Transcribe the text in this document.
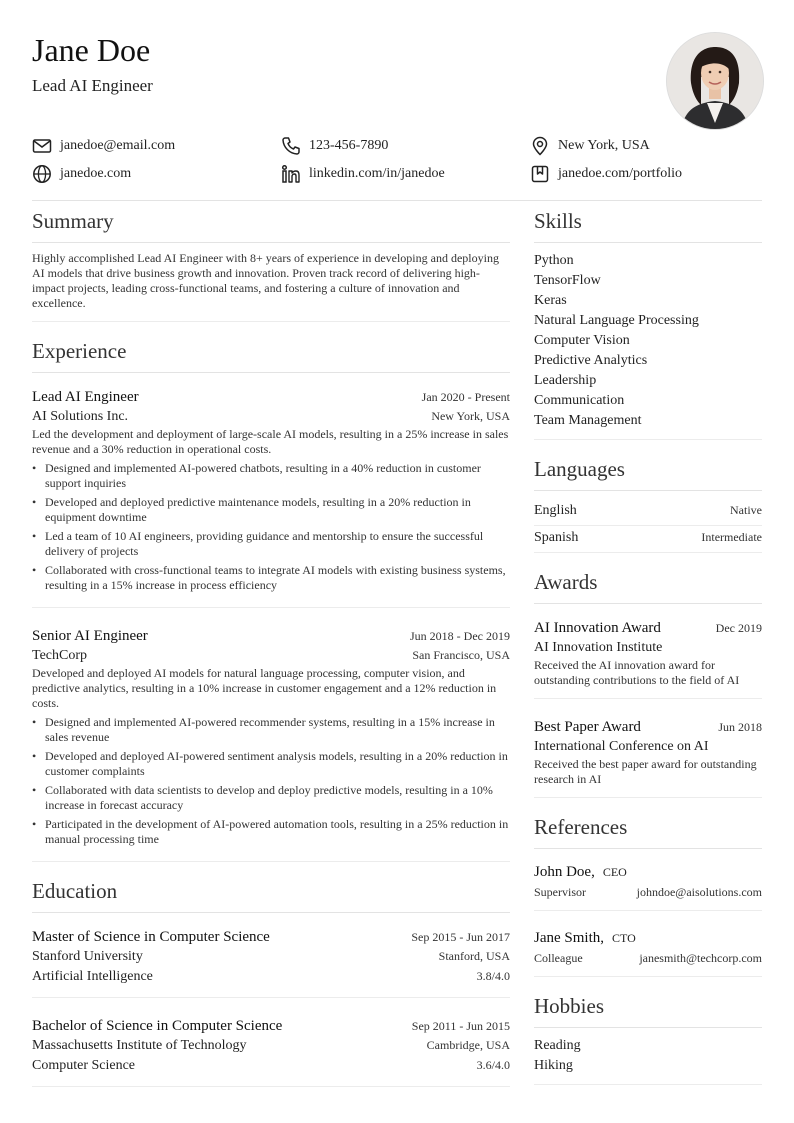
Jane Doe
Lead AI Engineer
janedoe@email.com	123-456-7890	New York, USA
janedoe.com	linkedin.com/in/janedoe	janedoe.com/portfolio
Summary

Highly accomplished Lead AI Engineer with 8+ years of experience in developing and deploying AI models that drive business growth and innovation. Proven track record of delivering high-impact projects, leading cross-functional teams, and fostering a culture of innovation and excellence.

Experience
Lead AI Engineer	Jan 2020 - Present
AI Solutions Inc.	New York, USA

Led the development and deployment of large-scale AI models, resulting in a 25% increase in sales revenue and a 30% reduction in operational costs.

• Designed and implemented AI-powered chatbots, resulting in a 40% reduction in customer support inquiries
• Developed and deployed predictive maintenance models, resulting in a 20% reduction in equipment downtime
• Led a team of 10 AI engineers, providing guidance and mentorship to ensure the successful delivery of projects
• Collaborated with cross-functional teams to integrate AI models with existing business systems, resulting in a 15% increase in process efficiency
Senior AI Engineer	Jun 2018 - Dec 2019
TechCorp	San Francisco, USA

Developed and deployed AI models for natural language processing, computer vision, and predictive analytics, resulting in a 10% increase in customer engagement and a 12% reduction in costs.

• Designed and implemented AI-powered recommender systems, resulting in a 15% increase in sales revenue
• Developed and deployed AI-powered sentiment analysis models, resulting in a 20% reduction in customer complaints
• Collaborated with data scientists to develop and deploy predictive models, resulting in a 10% increase in forecast accuracy
• Participated in the development of AI-powered automation tools, resulting in a 25% reduction in manual processing time
Education
Master of Science in Computer Science	Sep 2015 - Jun 2017
Stanford University	Stanford, USA
Artificial Intelligence	3.8/4.0
Bachelor of Science in Computer Science	Sep 2011 - Jun 2015
Massachusetts Institute of Technology	Cambridge, USA
Computer Science	3.6/4.0
Skills
Python
TensorFlow
Keras
Natural Language Processing
Computer Vision
Predictive Analytics
Leadership
Communication
Team Management
Languages
English	Native
Spanish	Intermediate
Awards
AI Innovation Award	Dec 2019
AI Innovation Institute

Received the AI innovation award for outstanding contributions to the field of AI

Best Paper Award	Jun 2018
International Conference on AI

Received the best paper award for outstanding research in AI

References
John Doe, CEO
Supervisor	johndoe@aisolutions.com
Jane Smith, CTO
Colleague	janesmith@techcorp.com
Hobbies
Reading
Hiking
